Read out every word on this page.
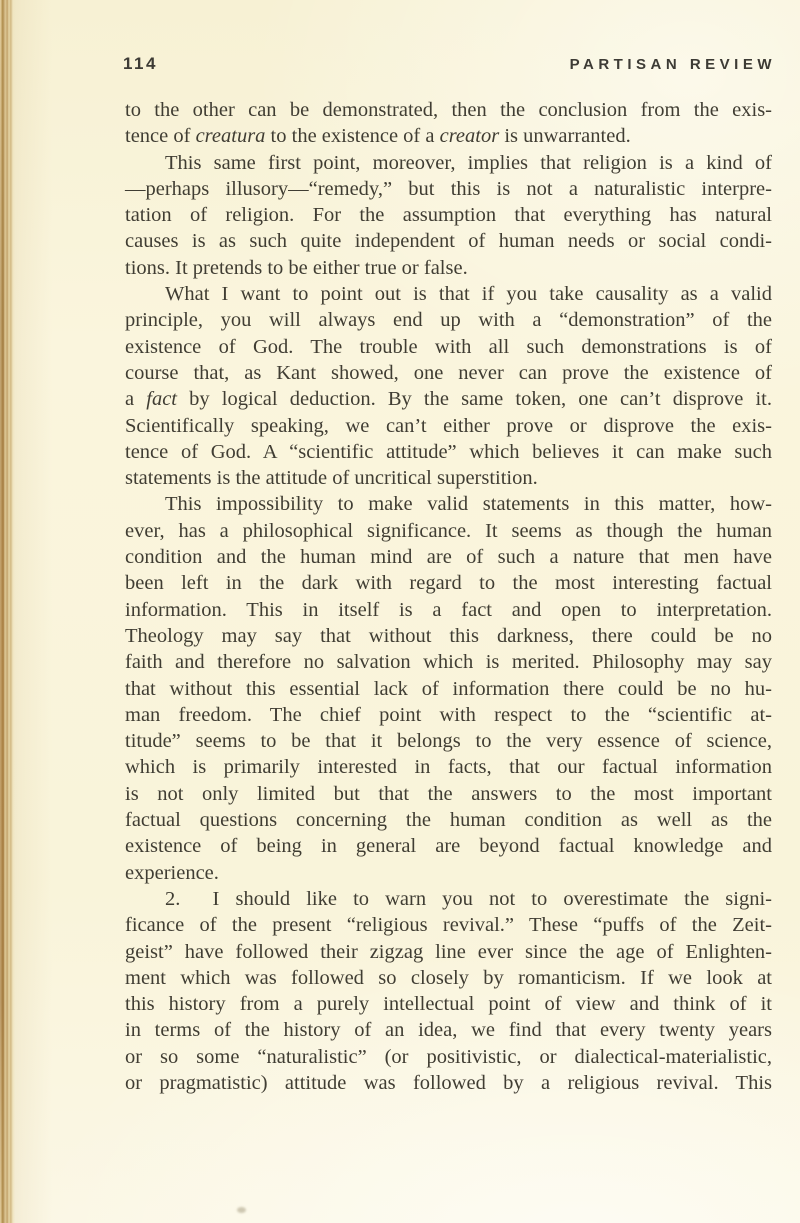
114	PARTISAN REVIEW
to the other can be demonstrated, then the conclusion from the exis-
tence of creatura to the existence of a creator is unwarranted.
This same first point, moreover, implies that religion is a kind of
—perhaps illusory—“remedy,” but this is not a naturalistic interpre-
tation of religion. For the assumption that everything has natural
causes is as such quite independent of human needs or social condi-
tions. It pretends to be either true or false.
What I want to point out is that if you take causality as a valid
principle, you will always end up with a “demonstration” of the
existence of God. The trouble with all such demonstrations is of
course that, as Kant showed, one never can prove the existence of
a fact by logical deduction. By the same token, one can’t disprove it.
Scientifically speaking, we can’t either prove or disprove the exis-
tence of God. A “scientific attitude” which believes it can make such
statements is the attitude of uncritical superstition.
This impossibility to make valid statements in this matter, how-
ever, has a philosophical significance. It seems as though the human
condition and the human mind are of such a nature that men have
been left in the dark with regard to the most interesting factual
information. This in itself is a fact and open to interpretation.
Theology may say that without this darkness, there could be no
faith and therefore no salvation which is merited. Philosophy may say
that without this essential lack of information there could be no hu-
man freedom. The chief point with respect to the “scientific at-
titude” seems to be that it belongs to the very essence of science,
which is primarily interested in facts, that our factual information
is not only limited but that the answers to the most important
factual questions concerning the human condition as well as the
existence of being in general are beyond factual knowledge and
experience.
2.  I should like to warn you not to overestimate the signi-
ficance of the present “religious revival.” These “puffs of the Zeit-
geist” have followed their zigzag line ever since the age of Enlighten-
ment which was followed so closely by romanticism. If we look at
this history from a purely intellectual point of view and think of it
in terms of the history of an idea, we find that every twenty years
or so some “naturalistic” (or positivistic, or dialectical-materialistic,
or pragmatistic) attitude was followed by a religious revival. This
